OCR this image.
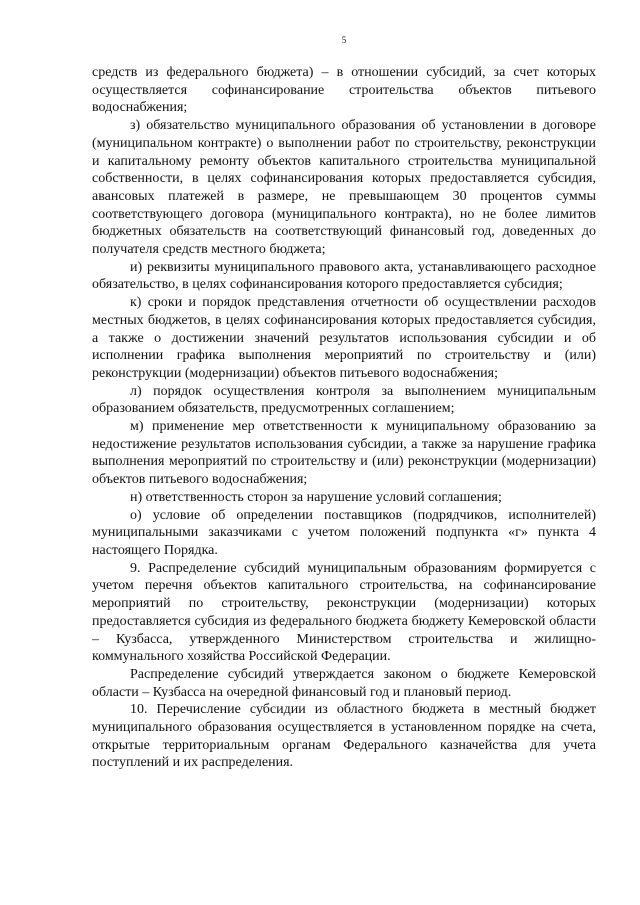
5

средств из федерального бюджета) – в отношении субсидий, за счет которых осуществляется софинансирование строительства объектов питьевого водоснабжения;

з) обязательство муниципального образования об установлении в договоре (муниципальном контракте) о выполнении работ по строительству, реконструкции и капитальному ремонту объектов капитального строительства муниципальной собственности, в целях софинансирования которых предоставляется субсидия, авансовых платежей в размере, не превышающем 30 процентов суммы соответствующего договора (муниципального контракта), но не более лимитов бюджетных обязательств на соответствующий финансовый год, доведенных до получателя средств местного бюджета;

и) реквизиты муниципального правового акта, устанавливающего расходное обязательство, в целях софинансирования которого предоставляется субсидия;

к) сроки и порядок представления отчетности об осуществлении расходов местных бюджетов, в целях софинансирования которых предоставляется субсидия, а также о достижении значений результатов использования субсидии и об исполнении графика выполнения мероприятий по строительству и (или) реконструкции (модернизации) объектов питьевого водоснабжения;

л) порядок осуществления контроля за выполнением муниципальным образованием обязательств, предусмотренных соглашением;

м) применение мер ответственности к муниципальному образованию за недостижение результатов использования субсидии, а также за нарушение графика выполнения мероприятий по строительству и (или) реконструкции (модернизации) объектов питьевого водоснабжения;

н) ответственность сторон за нарушение условий соглашения;

о) условие об определении поставщиков (подрядчиков, исполнителей) муниципальными заказчиками с учетом положений подпункта «г» пункта 4 настоящего Порядка.

9. Распределение субсидий муниципальным образованиям формируется с учетом перечня объектов капитального строительства, на софинансирование мероприятий по строительству, реконструкции (модернизации) которых предоставляется субсидия из федерального бюджета бюджету Кемеровской области – Кузбасса, утвержденного Министерством строительства и жилищно-коммунального хозяйства Российской Федерации.

Распределение субсидий утверждается законом о бюджете Кемеровской области – Кузбасса на очередной финансовый год и плановый период.

10. Перечисление субсидии из областного бюджета в местный бюджет муниципального образования осуществляется в установленном порядке на счета, открытые территориальным органам Федерального казначейства для учета поступлений и их распределения.
